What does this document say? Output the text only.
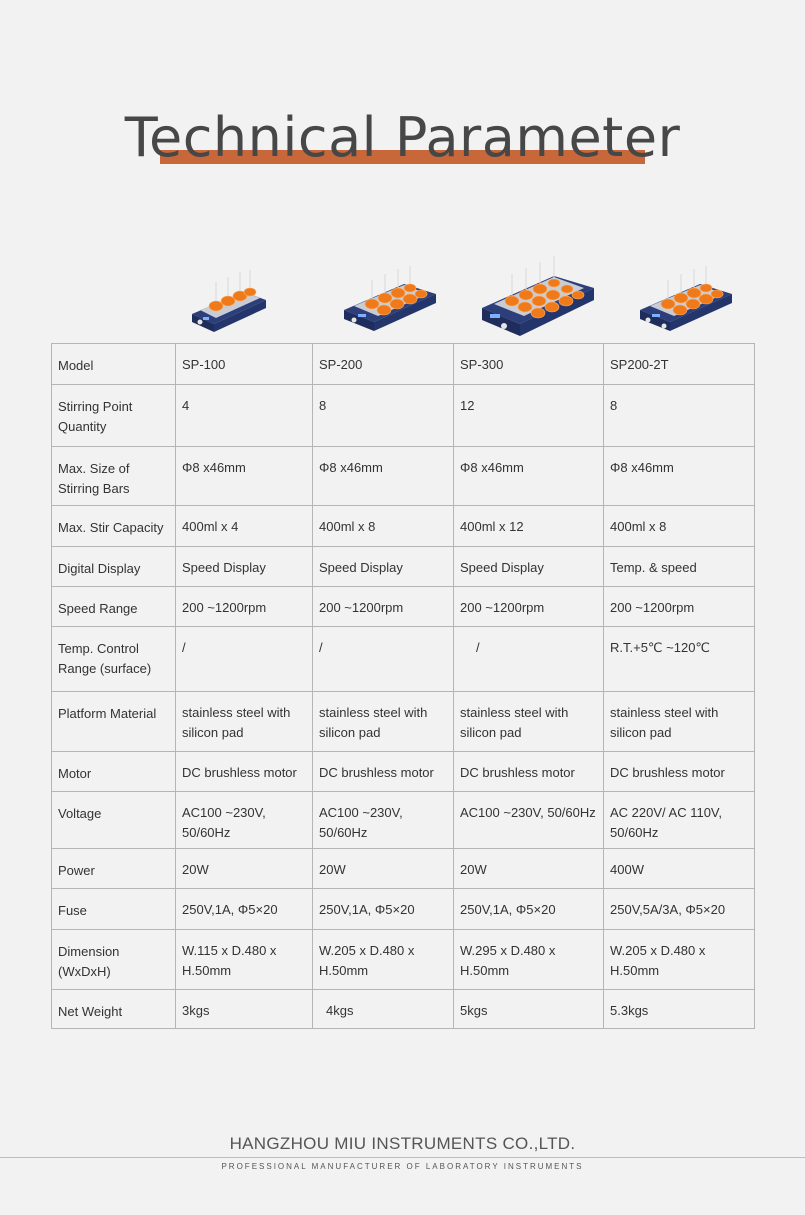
Technical Parameter
Model	SP-100	SP-200	SP-300	SP200-2T
Stirring Point Quantity	4	8	12	8
Max. Size of Stirring Bars	Φ8 x46mm	Φ8 x46mm	Φ8 x46mm	Φ8 x46mm
Max. Stir Capacity	400ml x 4	400ml x 8	400ml x 12	400ml x 8
Digital Display	Speed Display	Speed Display	Speed Display	Temp. & speed
Speed Range	200 ~1200rpm	200 ~1200rpm	200 ~1200rpm	200 ~1200rpm
Temp. Control Range (surface)	/	/	/	R.T.+5℃ ~120℃
Platform Material	stainless steel with silicon pad	stainless steel with silicon pad	stainless steel with silicon pad	stainless steel with silicon pad
Motor	DC brushless motor	DC brushless motor	DC brushless motor	DC brushless motor
Voltage	AC100 ~230V, 50/60Hz	AC100 ~230V, 50/60Hz	AC100 ~230V, 50/60Hz	AC 220V/ AC 110V, 50/60Hz
Power	20W	20W	20W	400W
Fuse	250V,1A, Φ5×20	250V,1A, Φ5×20	250V,1A, Φ5×20	250V,5A/3A, Φ5×20
Dimension (WxDxH)	W.115 x D.480 x H.50mm	W.205 x D.480 x H.50mm	W.295 x D.480 x H.50mm	W.205 x D.480 x H.50mm
Net Weight	3kgs	4kgs	5kgs	5.3kgs
HANGZHOU MIU INSTRUMENTS CO.,LTD.
PROFESSIONAL MANUFACTURER OF LABORATORY INSTRUMENTS
